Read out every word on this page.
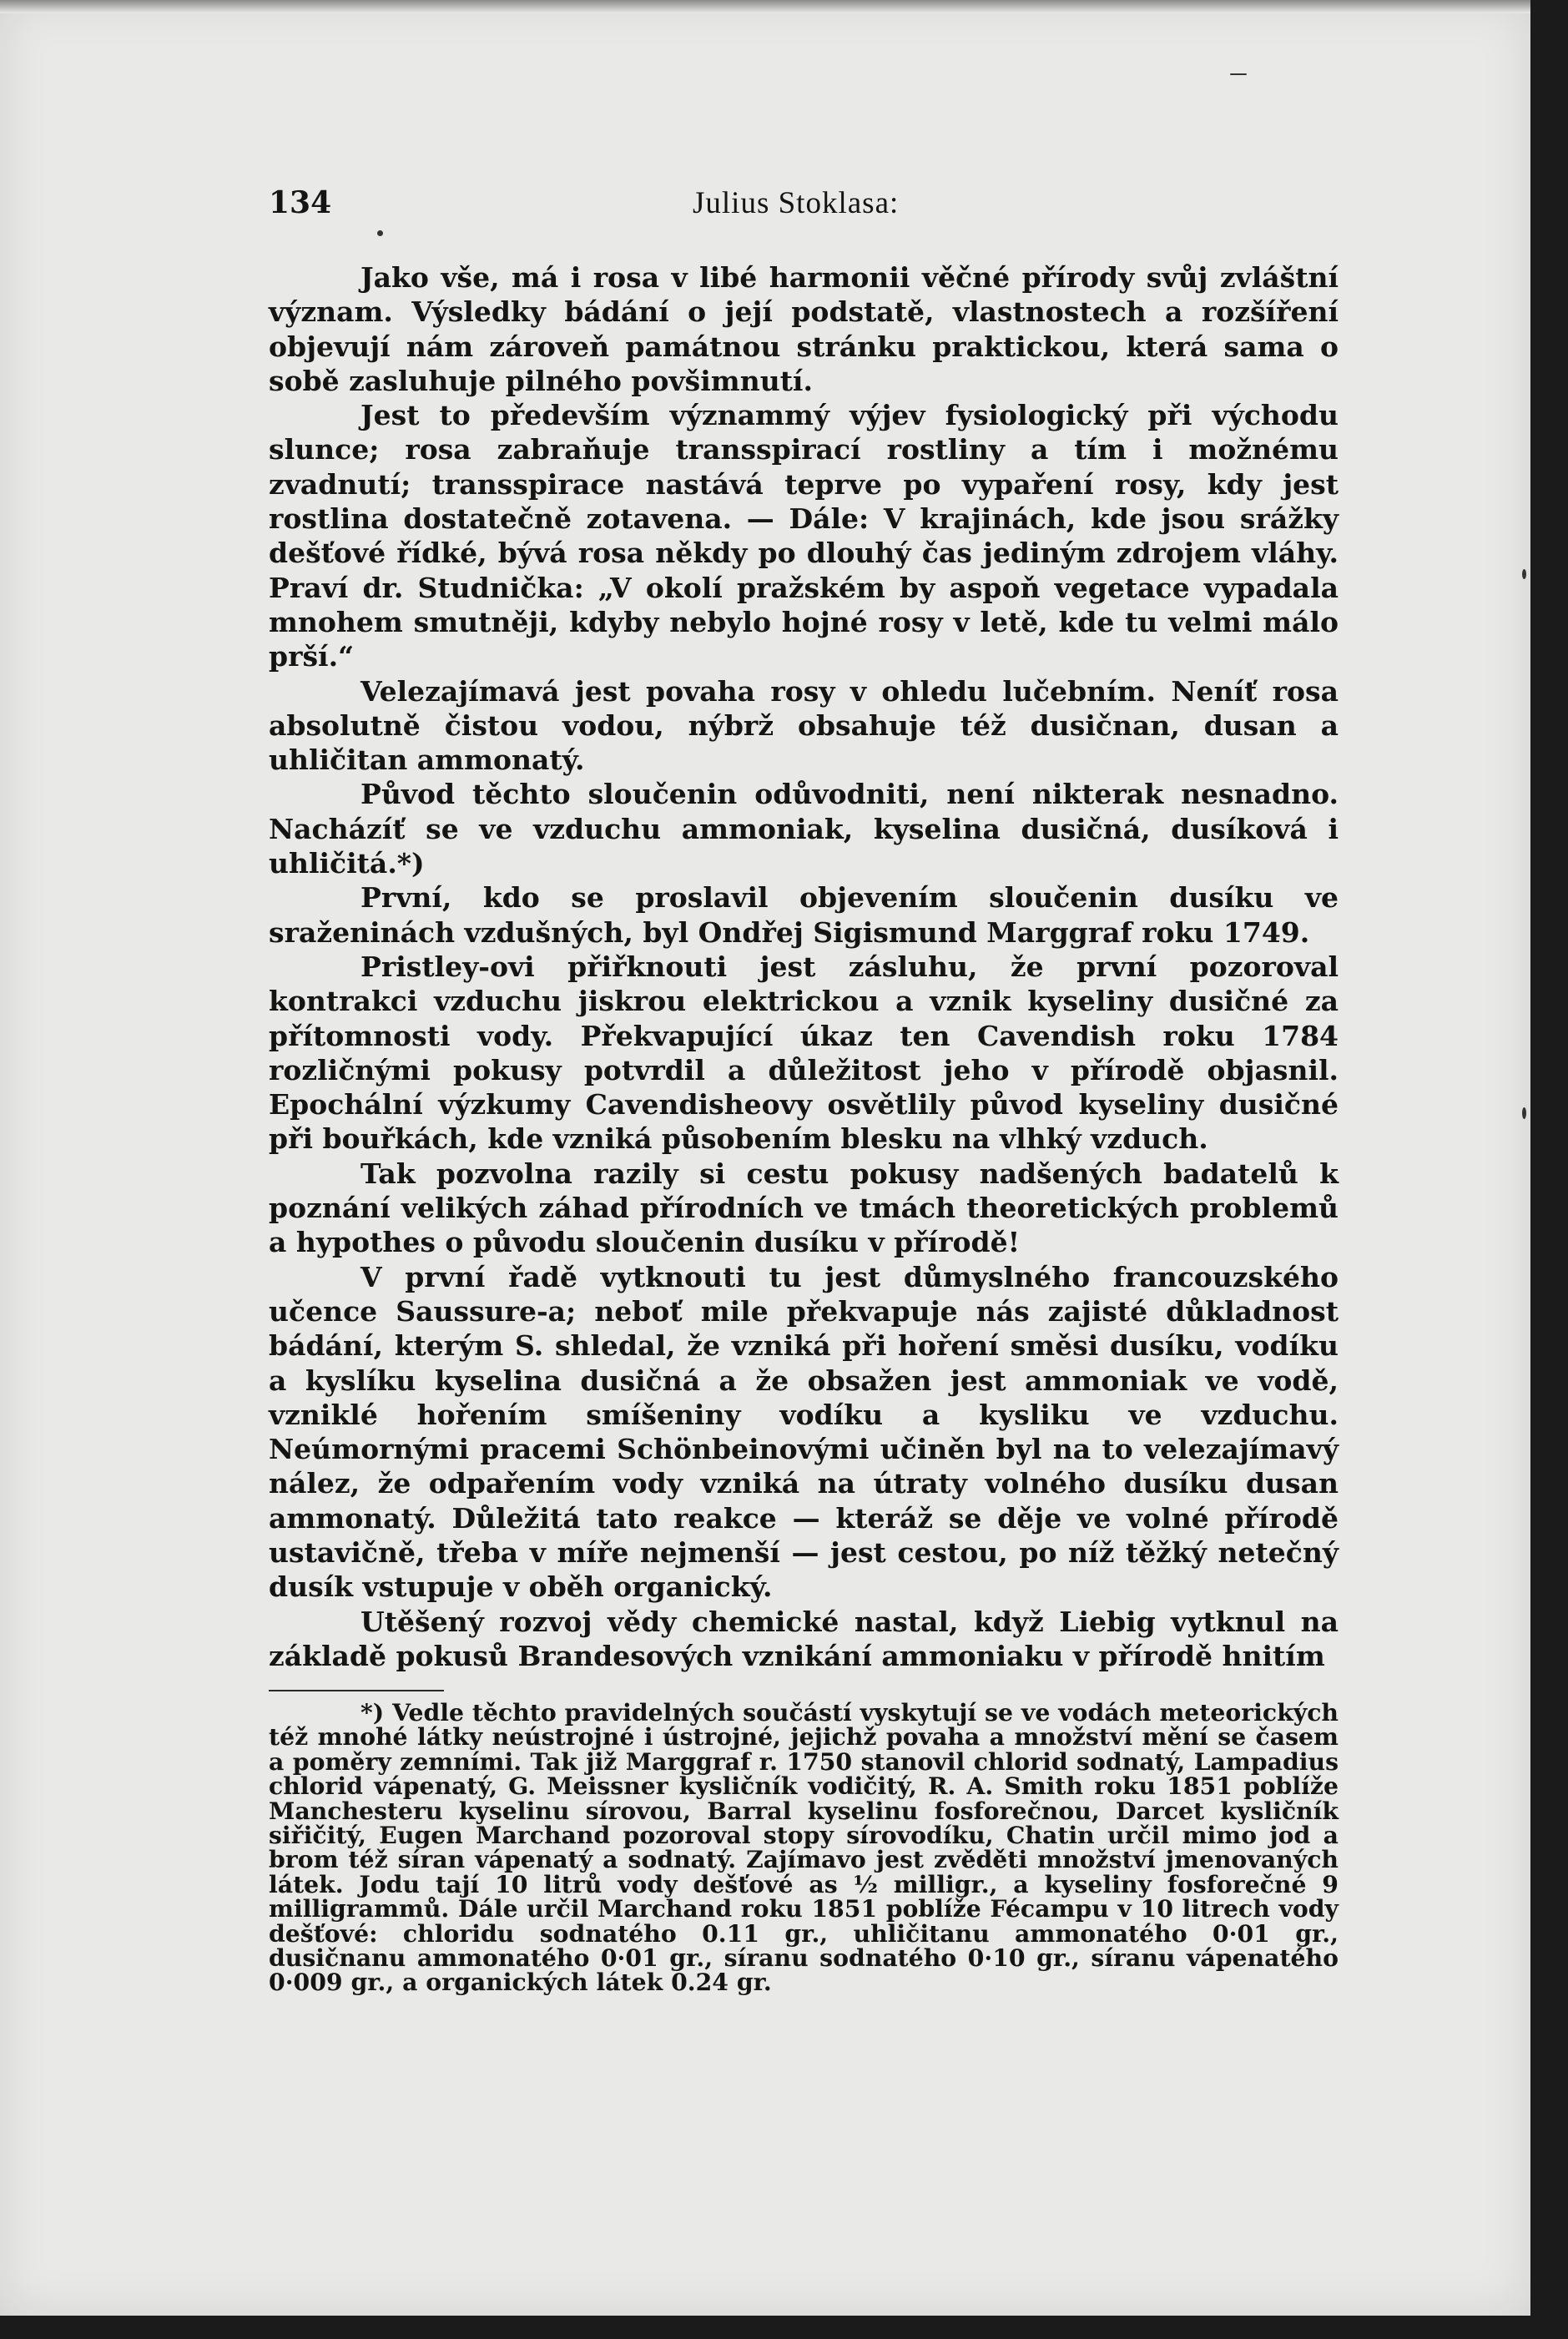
134	Julius Stoklasa:

Jako vše, má i rosa v libé harmonii věčné přírody svůj zvláštní význam. Výsledky bádání o její podstatě, vlastnostech a rozšíření objevují nám zároveň památnou stránku praktickou, která sama o sobě zasluhuje pilného povšimnutí.

Jest to především význammý výjev fysiologický při východu slunce; rosa zabraňuje transspirací rostliny a tím i možnému zvadnutí; transspirace nastává teprve po vypaření rosy, kdy jest rostlina dostatečně zotavena. — Dále: V krajinách, kde jsou srážky dešťové řídké, bývá rosa někdy po dlouhý čas jediným zdrojem vláhy. Praví dr. Studnička: „V okolí pražském by aspoň vegetace vypadala mnohem smutněji, kdyby nebylo hojné rosy v letě, kde tu velmi málo prší.“

Velezajímavá jest povaha rosy v ohledu lučebním. Neníť rosa absolutně čistou vodou, nýbrž obsahuje též dusičnan, dusan a uhličitan ammonatý.

Původ těchto sloučenin odůvodniti, není nikterak nesnadno. Nacházíť se ve vzduchu ammoniak, kyselina dusičná, dusíková i uhličitá.*)

První, kdo se proslavil objevením sloučenin dusíku ve sraženinách vzdušných, byl Ondřej Sigismund Marggraf roku 1749.

Pristley-ovi přiřknouti jest zásluhu, že první pozoroval kontrakci vzduchu jiskrou elektrickou a vznik kyseliny dusičné za přítomnosti vody. Překvapující úkaz ten Cavendish roku 1784 rozličnými pokusy potvrdil a důležitost jeho v přírodě objasnil. Epochální výzkumy Cavendisheovy osvětlily původ kyseliny dusičné při bouřkách, kde vzniká působením blesku na vlhký vzduch.

Tak pozvolna razily si cestu pokusy nadšených badatelů k poznání velikých záhad přírodních ve tmách theoretických problemů a hypothes o původu sloučenin dusíku v přírodě!

V první řadě vytknouti tu jest důmyslného francouzského učence Saussure-a; neboť mile překvapuje nás zajisté důkladnost bádání, kterým S. shledal, že vzniká při hoření směsi dusíku, vodíku a kyslíku kyselina dusičná a že obsažen jest ammoniak ve vodě, vzniklé hořením smíšeniny vodíku a kysliku ve vzduchu. Neúmornými pracemi Schönbeinovými učiněn byl na to velezajímavý nález, že odpařením vody vzniká na útraty volného dusíku dusan ammonatý. Důležitá tato reakce — kteráž se děje ve volné přírodě ustavičně, třeba v míře nejmenší — jest cestou, po níž těžký netečný dusík vstupuje v oběh organický.

Utěšený rozvoj vědy chemické nastal, když Liebig vytknul na základě pokusů Brandesových vznikání ammoniaku v přírodě hnitím

*) Vedle těchto pravidelných součástí vyskytují se ve vodách meteorických též mnohé látky neústrojné i ústrojné, jejichž povaha a množství mění se časem a poměry zemními. Tak již Marggraf r. 1750 stanovil chlorid sodnatý, Lampadius chlorid vápenatý, G. Meissner kysličník vodičitý, R. A. Smith roku 1851 poblíže Manchesteru kyselinu sírovou, Barral kyselinu fosforečnou, Darcet kysličník siřičitý, Eugen Marchand pozoroval stopy sírovodíku, Chatin určil mimo jod a brom též síran vápenatý a sodnatý. Zajímavo jest zvěděti množství jmenovaných látek. Jodu tají 10 litrů vody dešťové as ½ milligr., a kyseliny fosforečné 9 milligrammů. Dále určil Marchand roku 1851 poblíže Fécampu v 10 litrech vody dešťové: chloridu sodnatého 0.11 gr., uhličitanu ammonatého 0·01 gr., dusičnanu ammonatého 0·01 gr., síranu sodnatého 0·10 gr., síranu vápenatého 0·009 gr., a organických látek 0.24 gr.
